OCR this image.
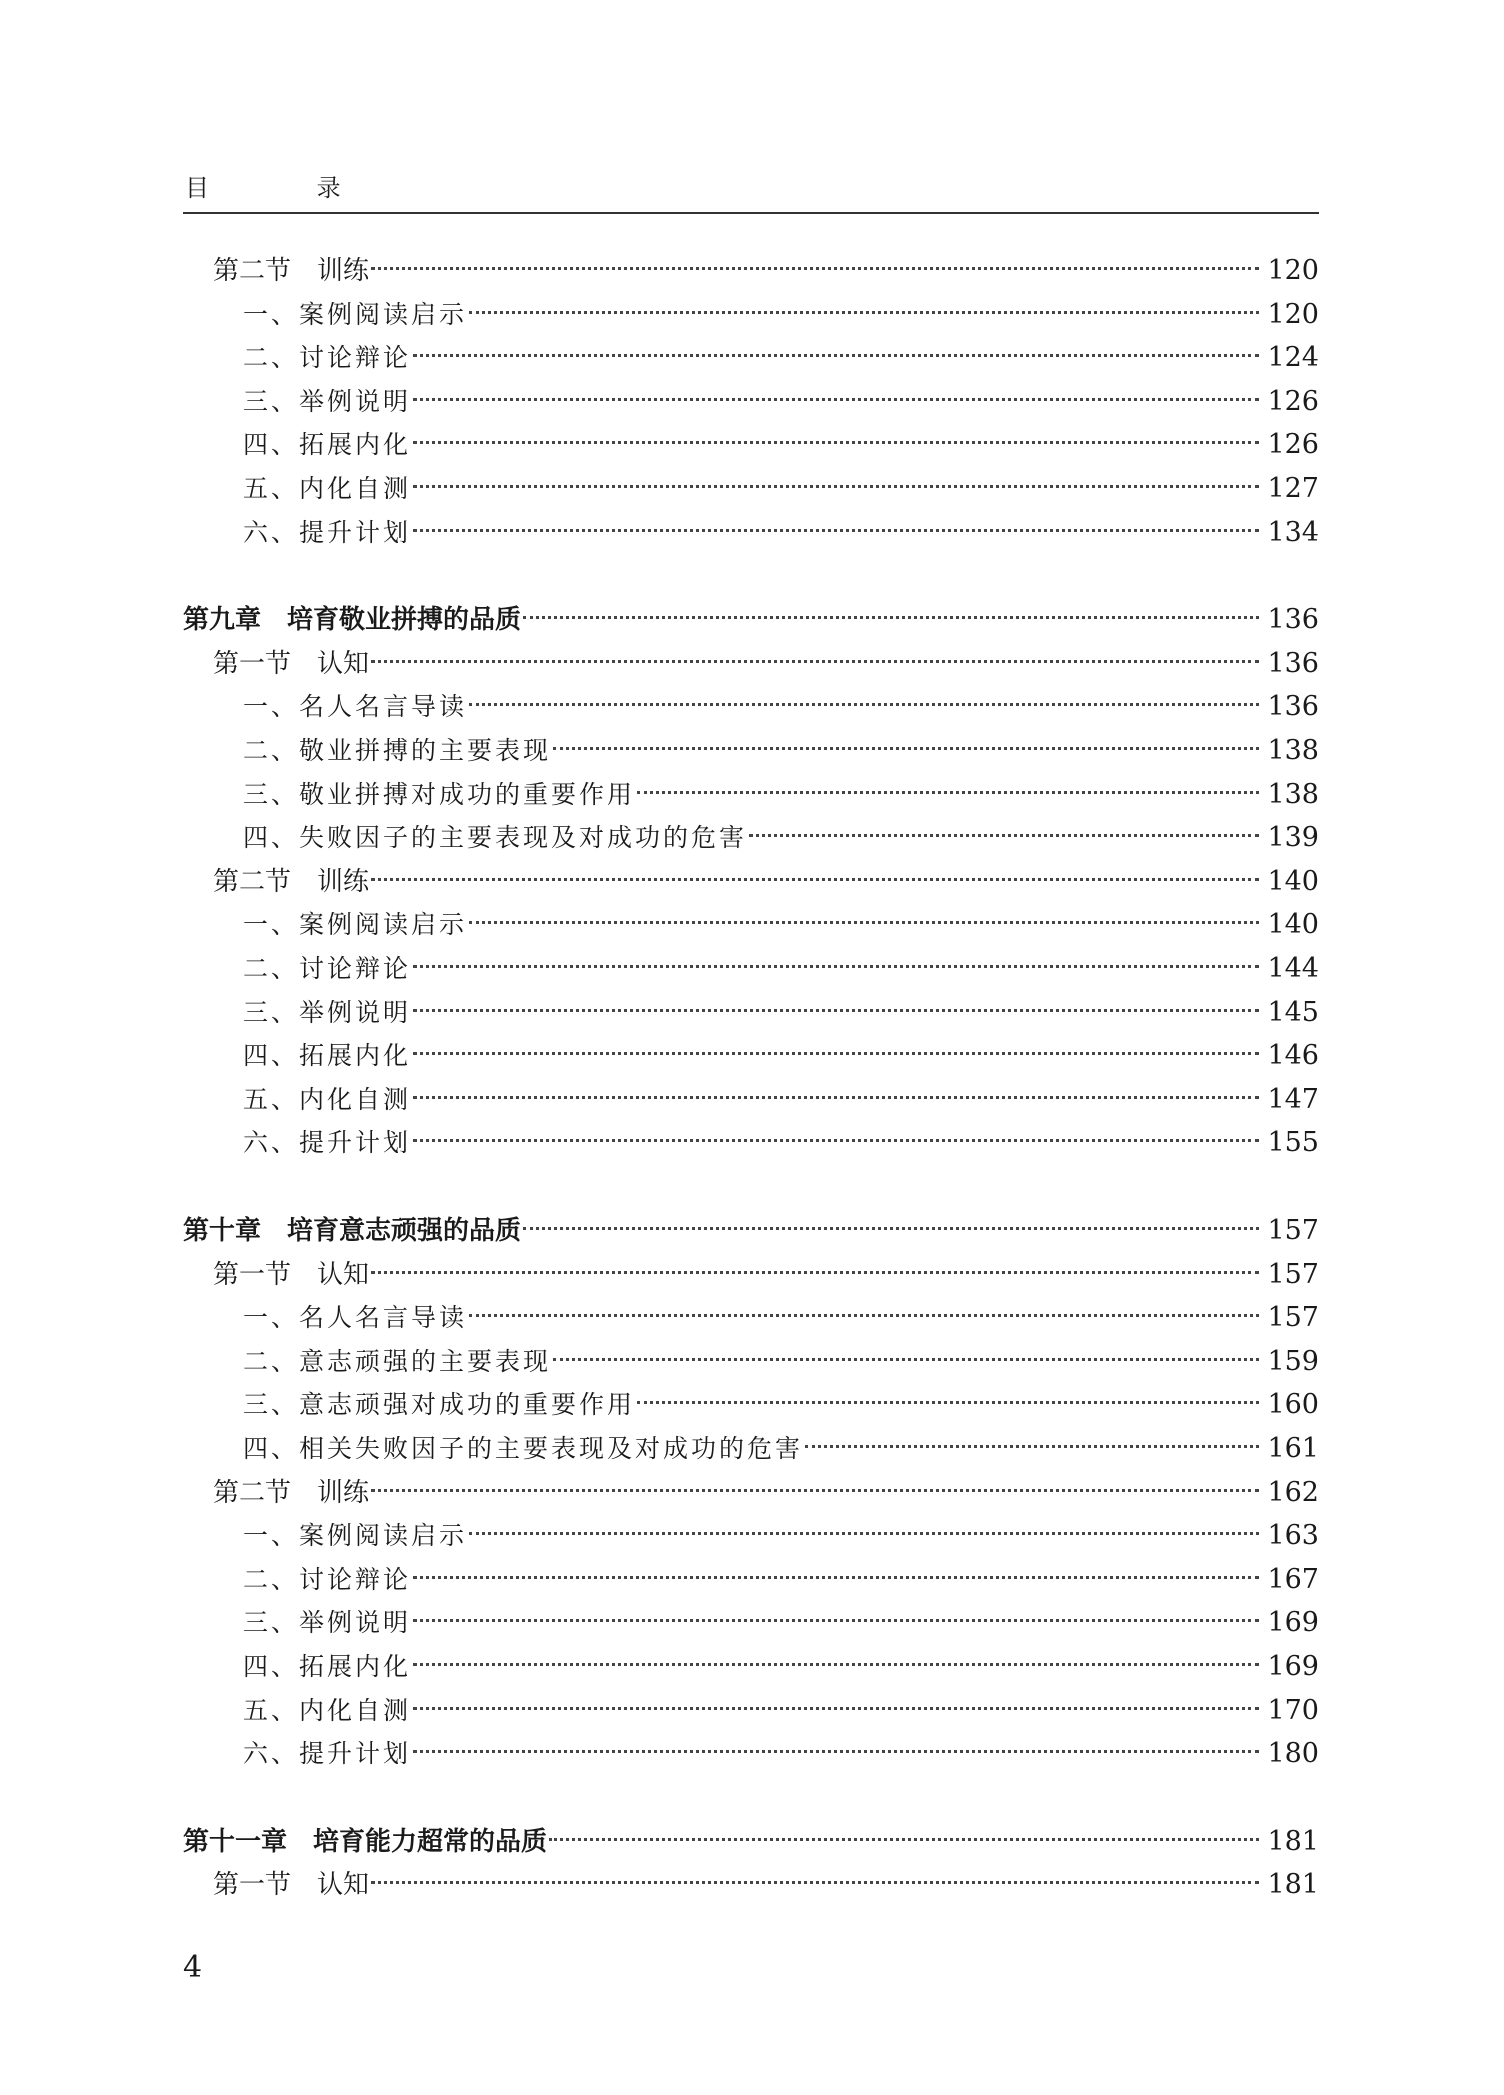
目 录
第二节　训练	120
一、案例阅读启示	120
二、讨论辩论	124
三、举例说明	126
四、拓展内化	126
五、内化自测	127
六、提升计划	134
第九章　培育敬业拼搏的品质	136
第一节　认知	136
一、名人名言导读	136
二、敬业拼搏的主要表现	138
三、敬业拼搏对成功的重要作用	138
四、失败因子的主要表现及对成功的危害	139
第二节　训练	140
一、案例阅读启示	140
二、讨论辩论	144
三、举例说明	145
四、拓展内化	146
五、内化自测	147
六、提升计划	155
第十章　培育意志顽强的品质	157
第一节　认知	157
一、名人名言导读	157
二、意志顽强的主要表现	159
三、意志顽强对成功的重要作用	160
四、相关失败因子的主要表现及对成功的危害	161
第二节　训练	162
一、案例阅读启示	163
二、讨论辩论	167
三、举例说明	169
四、拓展内化	169
五、内化自测	170
六、提升计划	180
第十一章　培育能力超常的品质	181
第一节　认知	181
4
